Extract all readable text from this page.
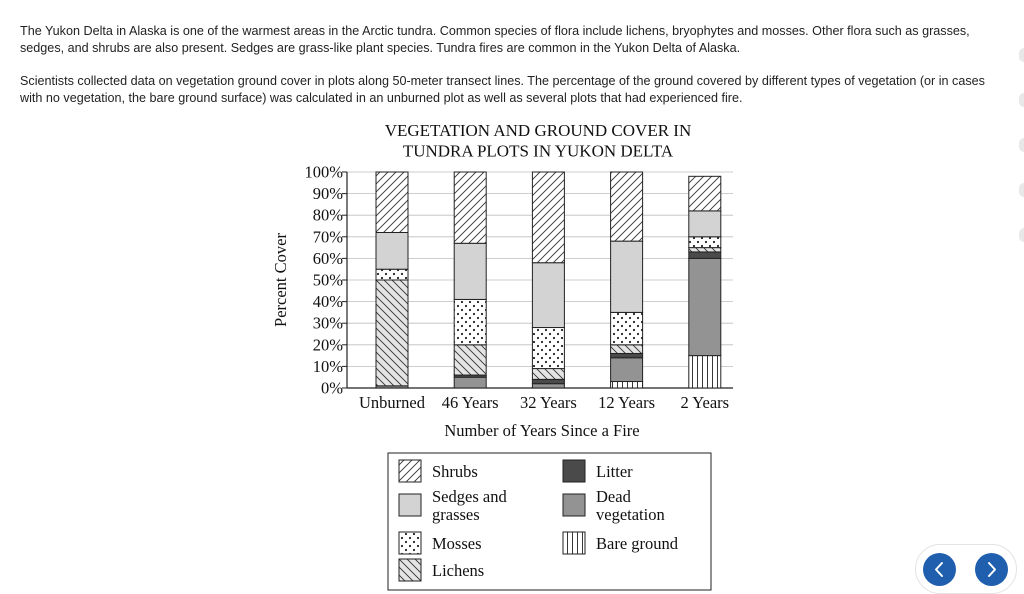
The Yukon Delta in Alaska is one of the warmest areas in the Arctic tundra. Common species of flora include lichens, bryophytes and mosses. Other flora such as grasses, sedges, and shrubs are also present. Sedges are grass-like plant species. Tundra fires are common in the Yukon Delta of Alaska.

Scientists collected data on vegetation ground cover in plots along 50-meter transect lines. The percentage of the ground covered by different types of vegetation (or in cases with no vegetation, the bare ground surface) was calculated in an unburned plot as well as several plots that had experienced fire.

VEGETATION AND GROUND COVER IN
TUNDRA PLOTS IN YUKON DELTA
0%
10%
20%
30%
40%
50%
60%
70%
80%
90%
100%
Percent Cover
Unburned 46 Years 32 Years 12 Years 2 Years
Number of Years Since a Fire
Shrubs
Sedges and
grasses
Mosses
Lichens
Litter
Dead
vegetation
Bare ground
